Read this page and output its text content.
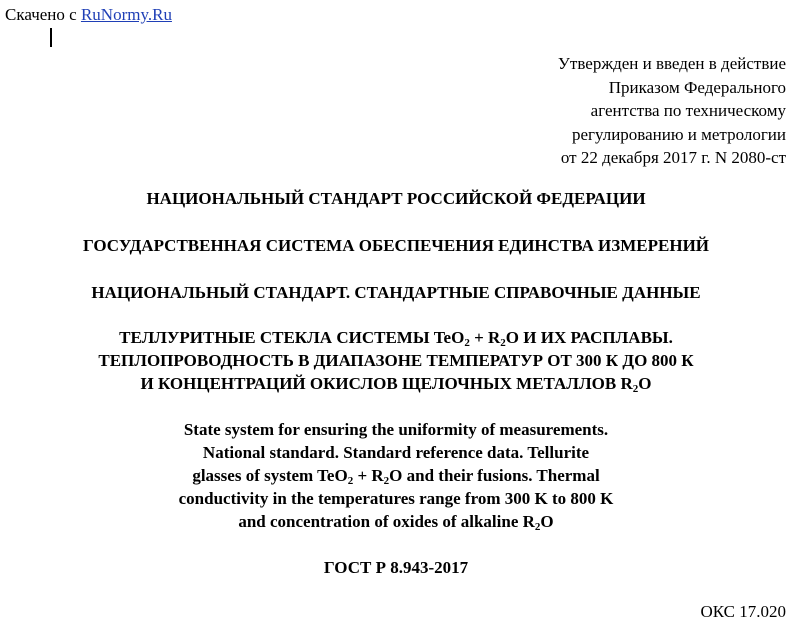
Скачено с RuNormy.Ru
Утвержден и введен в действие
Приказом Федерального
агентства по техническому
регулированию и метрологии
от 22 декабря 2017 г. N 2080-ст
НАЦИОНАЛЬНЫЙ СТАНДАРТ РОССИЙСКОЙ ФЕДЕРАЦИИ
ГОСУДАРСТВЕННАЯ СИСТЕМА ОБЕСПЕЧЕНИЯ ЕДИНСТВА ИЗМЕРЕНИЙ
НАЦИОНАЛЬНЫЙ СТАНДАРТ. СТАНДАРТНЫЕ СПРАВОЧНЫЕ ДАННЫЕ
ТЕЛЛУРИТНЫЕ СТЕКЛА СИСТЕМЫ $TeO_2 + R_2O$ И ИХ РАСПЛАВЫ.
ТЕПЛОПРОВОДНОСТЬ В ДИАПАЗОНЕ ТЕМПЕРАТУР ОТ 300 К ДО 800 К
И КОНЦЕНТРАЦИЙ ОКИСЛОВ ЩЕЛОЧНЫХ МЕТАЛЛОВ $R_2O$
State system for ensuring the uniformity of measurements.
National standard. Standard reference data. Tellurite
glasses of system $TeO_2 + R_2O$ and their fusions. Thermal
conductivity in the temperatures range from 300 K to 800 K
and concentration of oxides of alkaline $R_2O$
ГОСТ Р 8.943-2017
ОКС 17.020
